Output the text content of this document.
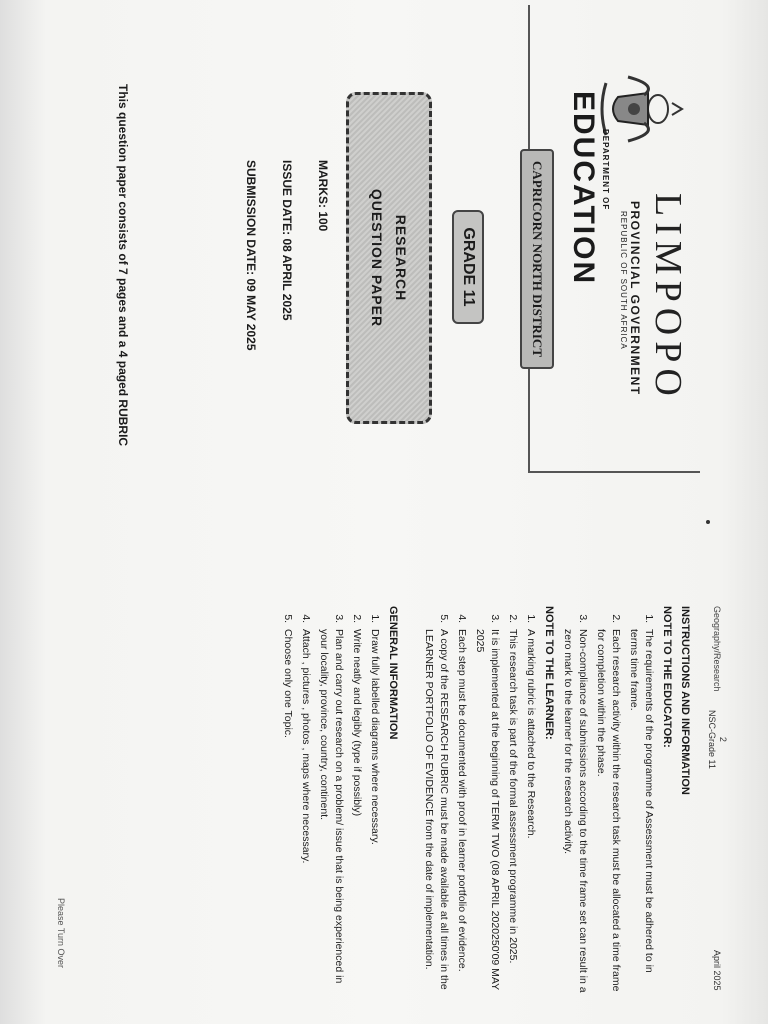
LIMPOPO
PROVINCIAL GOVERNMENT
REPUBLIC OF SOUTH AFRICA
DEPARTMENT OF
EDUCATION
CAPRICORN NORTH DISTRICT
GRADE 11
RESEARCH
QUESTION PAPER
MARKS: 100
ISSUE DATE: 08 APRIL 2025
SUBMISSION DATE: 09 MAY 2025
This question paper consists of 7 pages and a 4 paged RUBRIC
Geography/Research
2
NSC-Grade 11
April 2025
INSTRUCTIONS AND INFORMATION
NOTE TO THE EDUCATOR:
1. The requirements of the programme of Assessment must be adhered to in terms time frame.
2. Each research activity within the research task must be allocated a time frame for completion within the phase.
3. Non-compliance of submissions according to the time frame set can result in a zero mark to the learner for the research activity.
NOTE TO THE LEARNER:
1. A marking rubric is attached to the Research.
2. This research task is part of the formal assessment programme in 2025.
3. It is implemented at the beginning of TERM TWO (08 APRIL 2020250'09 MAY 2025
4. Each step must be documented with proof in learner portfolio of evidence.
5. A copy of the RESEARCH RUBRIC must be made available at all times in the LEARNER PORTFOLIO OF EVIDENCE from the date of implementation.
GENERAL INFORMATION
1. Draw fully labelled diagrams where necessary.
2. Write neatly and legibly (type if possibly)
3. Plan and carry out research on a problem/ issue that is being experienced in your locality, province, country, continent.
4. Attach , pictures , photos , maps where necessary.
5. Choose only one Topic.
Please Turn Over
